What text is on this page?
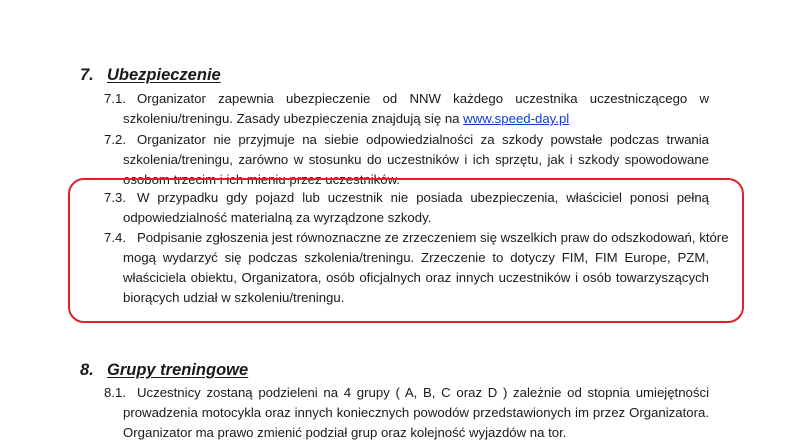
7. Ubezpieczenie
7.1. Organizator zapewnia ubezpieczenie od NNW każdego uczestnika uczestniczącego w
szkoleniu/treningu. Zasady ubezpieczenia znajdują się na www.speed-day.pl
7.2. Organizator nie przyjmuje na siebie odpowiedzialności za szkody powstałe podczas trwania
szkolenia/treningu, zarówno w stosunku do uczestników i ich sprzętu, jak i szkody spowodowane
osobom trzecim i ich mieniu przez uczestników.
7.3. W przypadku gdy pojazd lub uczestnik nie posiada ubezpieczenia, właściciel ponosi pełną
odpowiedzialność materialną za wyrządzone szkody.
7.4. Podpisanie zgłoszenia jest równoznaczne ze zrzeczeniem się wszelkich praw do odszkodowań, które
mogą wydarzyć się podczas szkolenia/treningu. Zrzeczenie to dotyczy FIM, FIM Europe, PZM,
właściciela obiektu, Organizatora, osób oficjalnych oraz innych uczestników i osób towarzyszących
biorących udział w szkoleniu/treningu.
8. Grupy treningowe
8.1. Uczestnicy zostaną podzieleni na 4 grupy ( A, B, C oraz D ) zależnie od stopnia umiejętności
prowadzenia motocykla oraz innych koniecznych powodów przedstawionych im przez Organizatora.
Organizator ma prawo zmienić podział grup oraz kolejność wyjazdów na tor.
